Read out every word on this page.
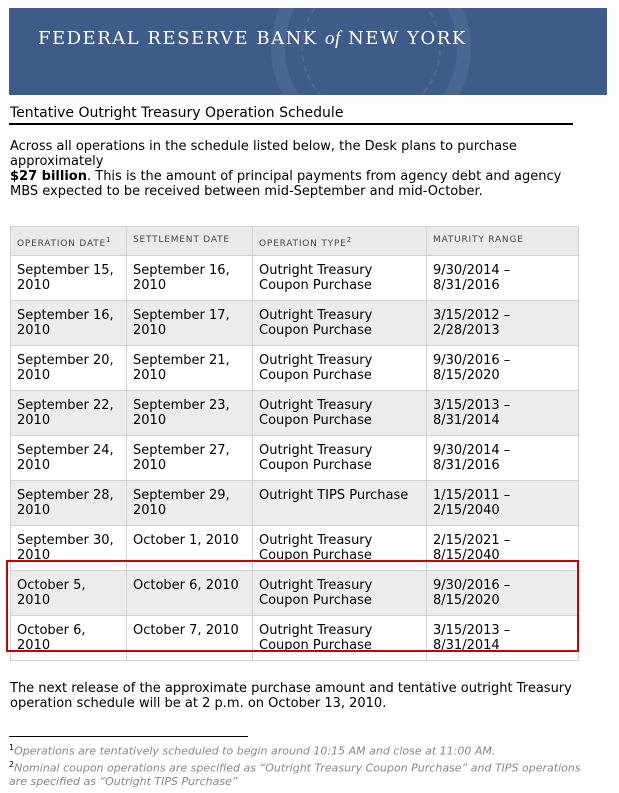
FEDERAL RESERVE BANK of NEW YORK
Tentative Outright Treasury Operation Schedule
Across all operations in the schedule listed below, the Desk plans to purchase approximately
$27 billion. This is the amount of principal payments from agency debt and agency MBS expected to be received between mid-September and mid-October.
OPERATION DATE$^1$	SETTLEMENT DATE	OPERATION TYPE$^2$	MATURITY RANGE
September 15, 2010	September 16, 2010	Outright Treasury Coupon Purchase	9/30/2014 – 8/31/2016
September 16, 2010	September 17, 2010	Outright Treasury Coupon Purchase	3/15/2012 – 2/28/2013
September 20, 2010	September 21, 2010	Outright Treasury Coupon Purchase	9/30/2016 – 8/15/2020
September 22, 2010	September 23, 2010	Outright Treasury Coupon Purchase	3/15/2013 – 8/31/2014
September 24, 2010	September 27, 2010	Outright Treasury Coupon Purchase	9/30/2014 – 8/31/2016
September 28, 2010	September 29, 2010	Outright TIPS Purchase	1/15/2011 – 2/15/2040
September 30, 2010	October 1, 2010	Outright Treasury Coupon Purchase	2/15/2021 – 8/15/2040
October 5, 2010	October 6, 2010	Outright Treasury Coupon Purchase	9/30/2016 – 8/15/2020
October 6, 2010	October 7, 2010	Outright Treasury Coupon Purchase	3/15/2013 – 8/31/2014
The next release of the approximate purchase amount and tentative outright Treasury operation schedule will be at 2 p.m. on October 13, 2010.
$^1$Operations are tentatively scheduled to begin around 10:15 AM and close at 11:00 AM.
$^2$Nominal coupon operations are specified as “Outright Treasury Coupon Purchase” and TIPS operations are specified as “Outright TIPS Purchase”
